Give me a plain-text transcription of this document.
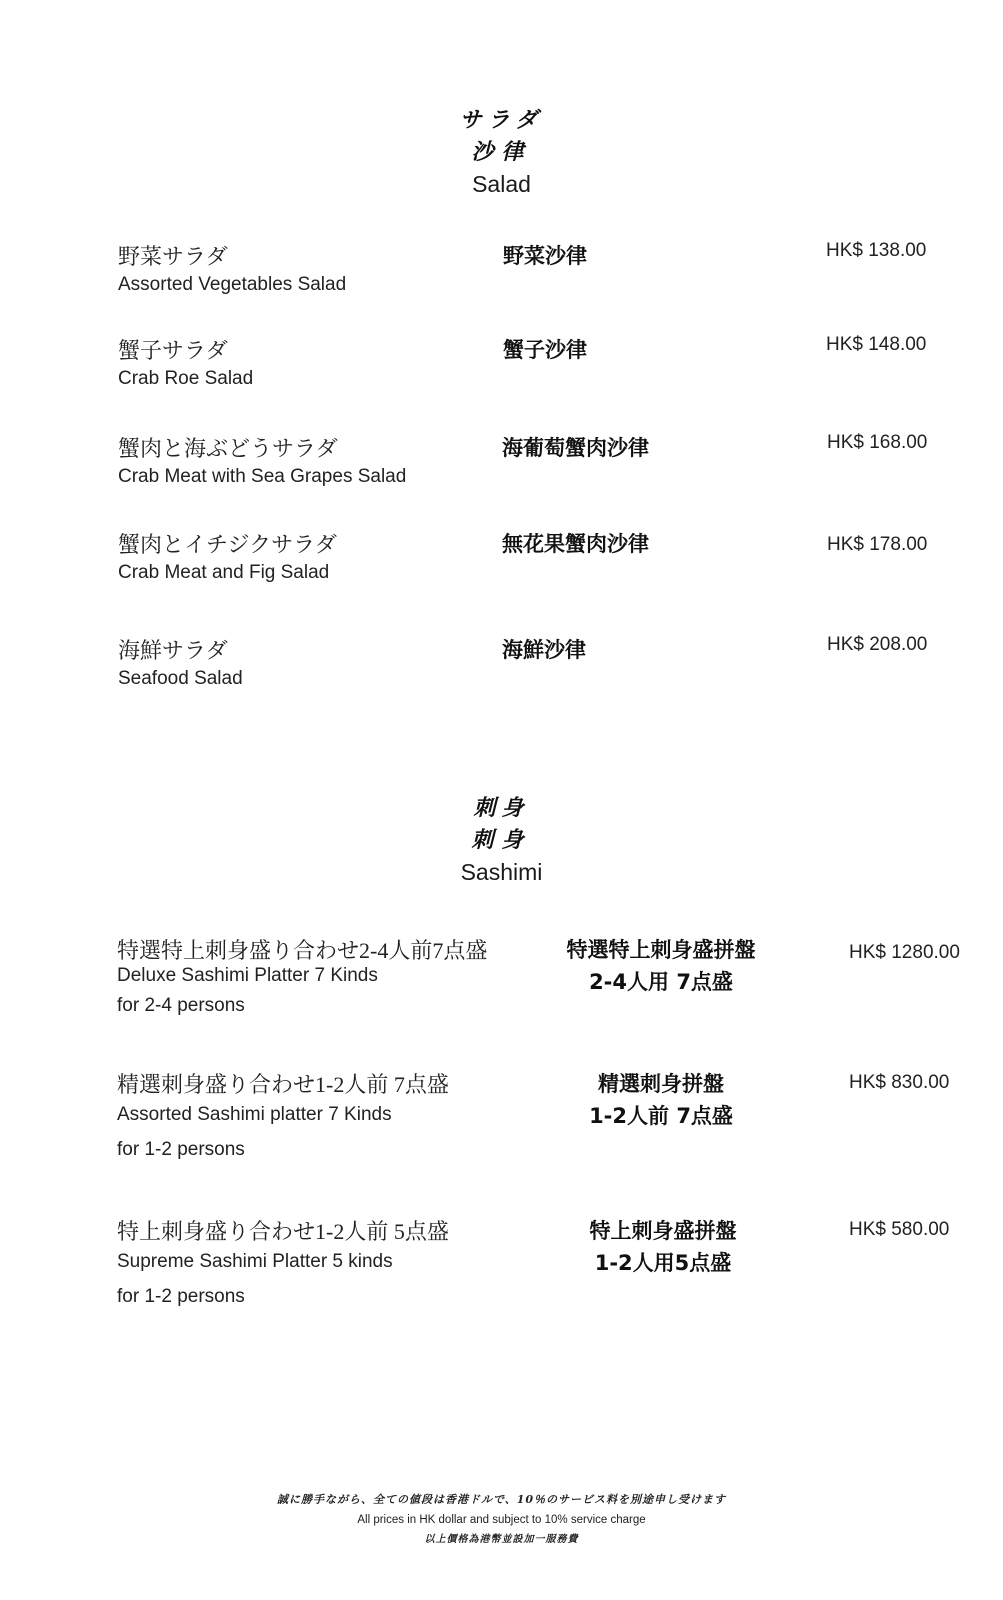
サラダ
沙律
Salad
野菜サラダ
Assorted Vegetables Salad
野菜沙律	HK$ 138.00
蟹子サラダ
Crab Roe Salad
蟹子沙律	HK$ 148.00
蟹肉と海ぶどうサラダ
Crab Meat with Sea Grapes Salad
海葡萄蟹肉沙律	HK$ 168.00
蟹肉とイチジクサラダ
Crab Meat and Fig Salad
無花果蟹肉沙律	HK$ 178.00
海鮮サラダ
Seafood Salad
海鮮沙律	HK$ 208.00
刺身
刺身
Sashimi
特選特上刺身盛り合わせ2-4人前7点盛
Deluxe Sashimi Platter 7 Kinds
for 2-4 persons
特選特上刺身盛拼盤
2-4人用 7点盛
HK$ 1280.00
精選刺身盛り合わせ1-2人前 7点盛
Assorted Sashimi platter 7 Kinds
for 1-2 persons
精選刺身拼盤
1-2人前 7点盛
HK$ 830.00
特上刺身盛り合わせ1-2人前 5点盛
Supreme Sashimi Platter 5 kinds
for 1-2 persons
特上刺身盛拼盤
1-2人用5点盛
HK$ 580.00
誠に勝手ながら、全ての値段は香港ドルで、10％のサービス料を別途申し受けます
All prices in HK dollar and subject to 10% service charge
以上價格為港幣並設加一服務費
